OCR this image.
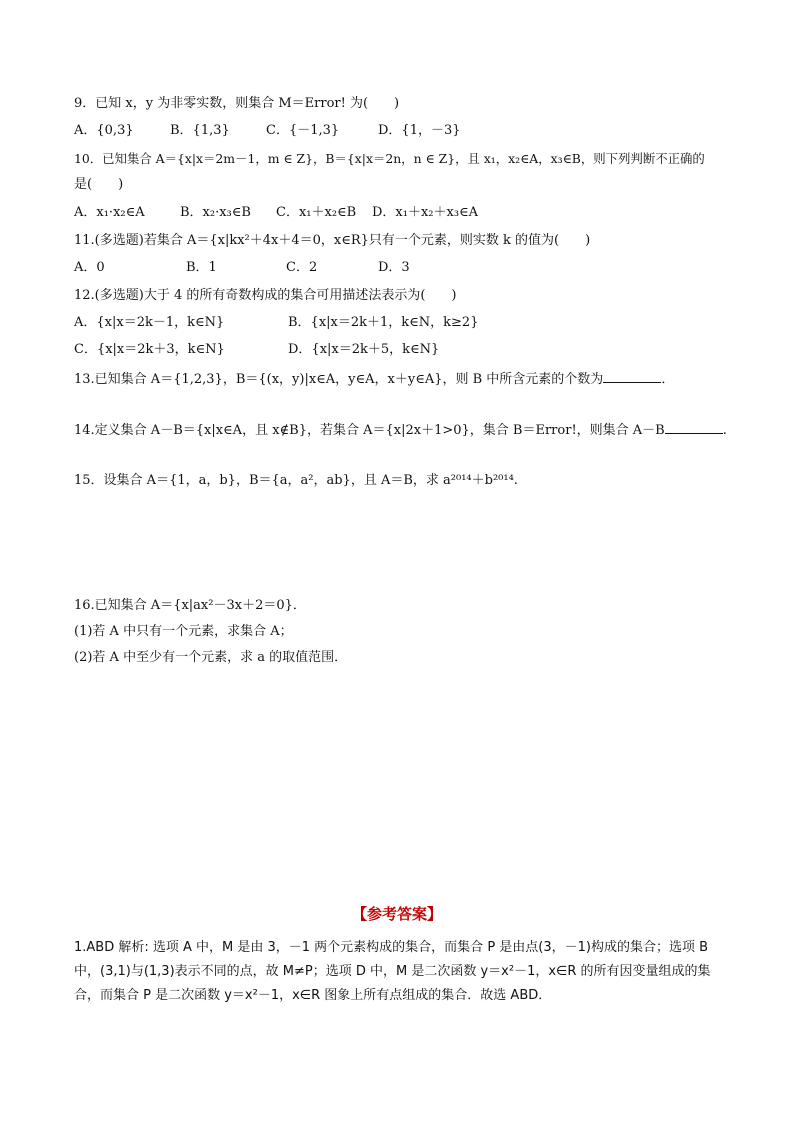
9．已知 x，y 为非零实数，则集合 M＝Error! 为(　　)
A．{0,3}	B．{1,3}	C．{－1,3}	D．{1，－3}
10．已知集合 A＝{x|x＝2m－1，m ∈ Z}，B＝{x|x＝2n，n ∈ Z}，且 x₁，x₂∈A，x₃∈B，则下列判断不正确的
是(　　)
A．x₁·x₂∈A	B．x₂·x₃∈B C．x₁＋x₂∈B D．x₁＋x₂＋x₃∈A
11.(多选题)若集合 A＝{x|kx²＋4x＋4＝0，x∈R}只有一个元素，则实数 k 的值为(　　)
A．0	B．1	C．2	D．3
12.(多选题)大于 4 的所有奇数构成的集合可用描述法表示为(　　)
A．{x|x＝2k－1，k∈N}	B．{x|x＝2k＋1，k∈N，k≥2}
C．{x|x＝2k＋3，k∈N}	D．{x|x＝2k＋5，k∈N}
13.已知集合 A＝{1,2,3}，B＝{(x，y)|x∈A，y∈A，x＋y∈A}，则 B 中所含元素的个数为	．
14.定义集合 A－B＝{x|x∈A，且 x∉B}，若集合 A＝{x|2x＋1>0}，集合 B＝Error!，则集合 A－B	.
15．设集合 A＝{1，a，b}，B＝{a，a²，ab}，且 A＝B，求 a²⁰¹⁴＋b²⁰¹⁴.
16.已知集合 A＝{x|ax²－3x＋2＝0}．
(1)若 A 中只有一个元素，求集合 A；
(2)若 A 中至少有一个元素，求 a 的取值范围．
【参考答案】
1.ABD 解析: 选项 A 中，M 是由 3，－1 两个元素构成的集合，而集合 P 是由点(3，－1)构成的集合；选项 B 中，(3,1)与(1,3)表示不同的点，故 M≠P；选项 D 中，M 是二次函数 y＝x²－1，x∈R 的所有因变量组成的集合，而集合 P 是二次函数 y＝x²－1，x∈R 图象上所有点组成的集合．故选 ABD．
